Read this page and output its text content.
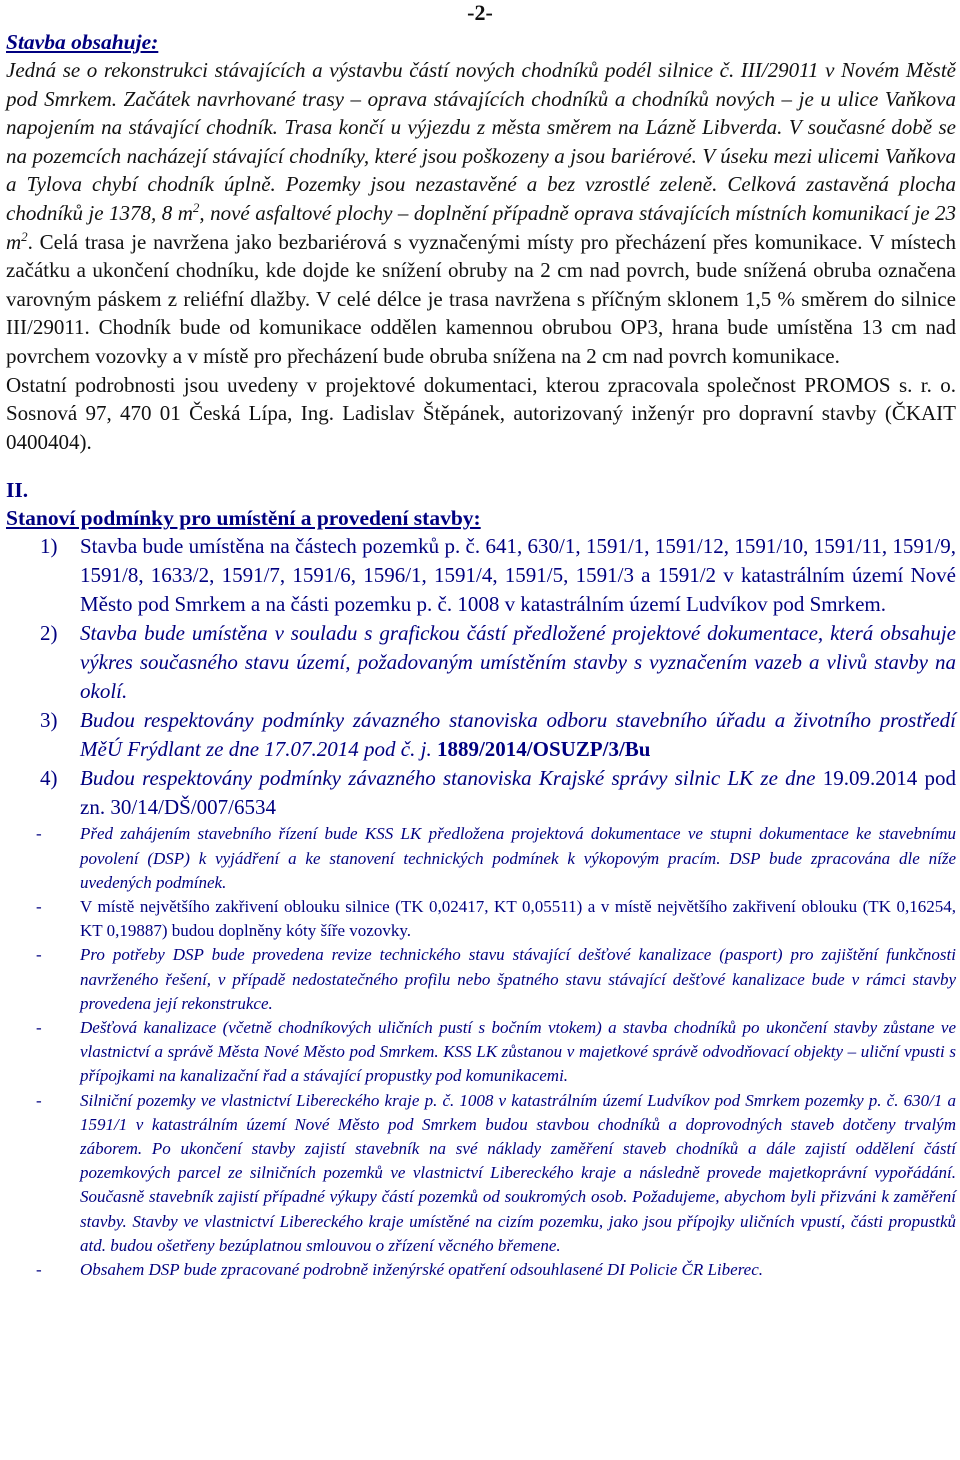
-2-
Stavba obsahuje:
Jedná se o rekonstrukci stávajících a výstavbu částí nových chodníků podél silnice č. III/29011 v Novém Městě pod Smrkem. Začátek navrhované trasy – oprava stávajících chodníků a chodníků nových – je u ulice Vaňkova napojením na stávající chodník. Trasa končí u výjezdu z města směrem na Lázně Libverda. V současné době se na pozemcích nacházejí stávající chodníky, které jsou poškozeny a jsou bariérové. V úseku mezi ulicemi Vaňkova a Tylova chybí chodník úplně. Pozemky jsou nezastavěné a bez vzrostlé zeleně. Celková zastavěná plocha chodníků je 1378, 8 $m^2$, nové asfaltové plochy – doplnění případně oprava stávajících místních komunikací je 23 $m^2$. Celá trasa je navržena jako bezbariérová s vyznačenými místy pro přecházení přes komunikace. V místech začátku a ukončení chodníku, kde dojde ke snížení obruby na 2 cm nad povrch, bude snížená obruba označena varovným páskem z reliéfní dlažby. V celé délce je trasa navržena s příčným sklonem 1,5 % směrem do silnice III/29011. Chodník bude od komunikace oddělen kamennou obrubou OP3, hrana bude umístěna 13 cm nad povrchem vozovky a v místě pro přecházení bude obruba snížena na 2 cm nad povrch komunikace.
Ostatní podrobnosti jsou uvedeny v projektové dokumentaci, kterou zpracovala společnost PROMOS s. r. o. Sosnová 97, 470 01 Česká Lípa, Ing. Ladislav Štěpánek, autorizovaný inženýr pro dopravní stavby (ČKAIT 0400404).
II.
Stanoví podmínky pro umístění a provedení stavby:
1)	Stavba bude umístěna na částech pozemků p. č. 641, 630/1, 1591/1, 1591/12, 1591/10, 1591/11, 1591/9, 1591/8, 1633/2, 1591/7, 1591/6, 1596/1, 1591/4, 1591/5, 1591/3 a 1591/2 v katastrálním území Nové Město pod Smrkem a na části pozemku p. č. 1008 v katastrálním území Ludvíkov pod Smrkem.
2)	Stavba bude umístěna v souladu s grafickou částí předložené projektové dokumentace, která obsahuje výkres současného stavu území, požadovaným umístěním stavby s vyznačením vazeb a vlivů stavby na okolí.
3)	Budou respektovány podmínky závazného stanoviska odboru stavebního úřadu a životního prostředí MěÚ Frýdlant ze dne 17.07.2014 pod č. j. 1889/2014/OSUZP/3/Bu
4)	Budou respektovány podmínky závazného stanoviska Krajské správy silnic LK ze dne 19.09.2014 pod zn. 30/14/DŠ/007/6534
- Před zahájením stavebního řízení bude KSS LK předložena projektová dokumentace ve stupni dokumentace ke stavebnímu povolení (DSP) k vyjádření a ke stanovení technických podmínek k výkopovým pracím. DSP bude zpracována dle níže uvedených podmínek.
- V místě největšího zakřivení oblouku silnice (TK 0,02417, KT 0,05511) a v místě největšího zakřivení oblouku (TK 0,16254, KT 0,19887) budou doplněny kóty šíře vozovky.
- Pro potřeby DSP bude provedena revize technického stavu stávající dešťové kanalizace (pasport) pro zajištění funkčnosti navrženého řešení, v případě nedostatečného profilu nebo špatného stavu stávající dešťové kanalizace bude v rámci stavby provedena její rekonstrukce.
- Dešťová kanalizace (včetně chodníkových uličních pustí s bočním vtokem) a stavba chodníků po ukončení stavby zůstane ve vlastnictví a správě Města Nové Město pod Smrkem. KSS LK zůstanou v majetkové správě odvodňovací objekty – uliční vpusti s přípojkami na kanalizační řad a stávající propustky pod komunikacemi.
- Silniční pozemky ve vlastnictví Libereckého kraje p. č. 1008 v katastrálním území Ludvíkov pod Smrkem pozemky p. č. 630/1 a 1591/1 v katastrálním území Nové Město pod Smrkem budou stavbou chodníků a doprovodných staveb dotčeny trvalým záborem. Po ukončení stavby zajistí stavebník na své náklady zaměření staveb chodníků a dále zajistí oddělení částí pozemkových parcel ze silničních pozemků ve vlastnictví Libereckého kraje a následně provede majetkoprávní vypořádání. Současně stavebník zajistí případné výkupy částí pozemků od soukromých osob. Požadujeme, abychom byli přizváni k zaměření stavby. Stavby ve vlastnictví Libereckého kraje umístěné na cizím pozemku, jako jsou přípojky uličních vpustí, části propustků atd. budou ošetřeny bezúplatnou smlouvou o zřízení věcného břemene.
- Obsahem DSP bude zpracované podrobně inženýrské opatření odsouhlasené DI Policie ČR Liberec.
